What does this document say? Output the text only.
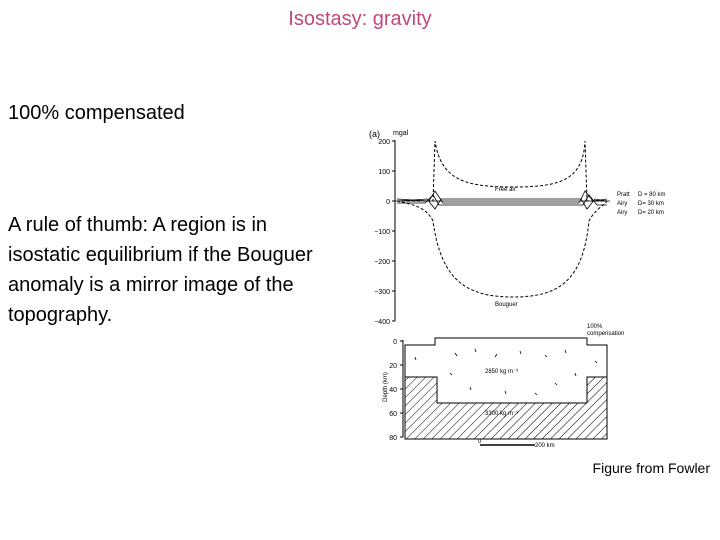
Isostasy: gravity
100% compensated
A rule of thumb: A region is in isostatic equilibrium if the Bouguer anomaly is a mirror image of the topography.
(a) mgal
200
100
0
−100
−200
−300
−400
Free air
Bouguer
Pratt D = 80 km
Airy D= 30 km
Airy D= 20 km
100%
compensation
Depth (km)
0
20
40
60
80
2850 kg m⁻³
3300 kg m⁻³
0
200 km
Figure from Fowler
